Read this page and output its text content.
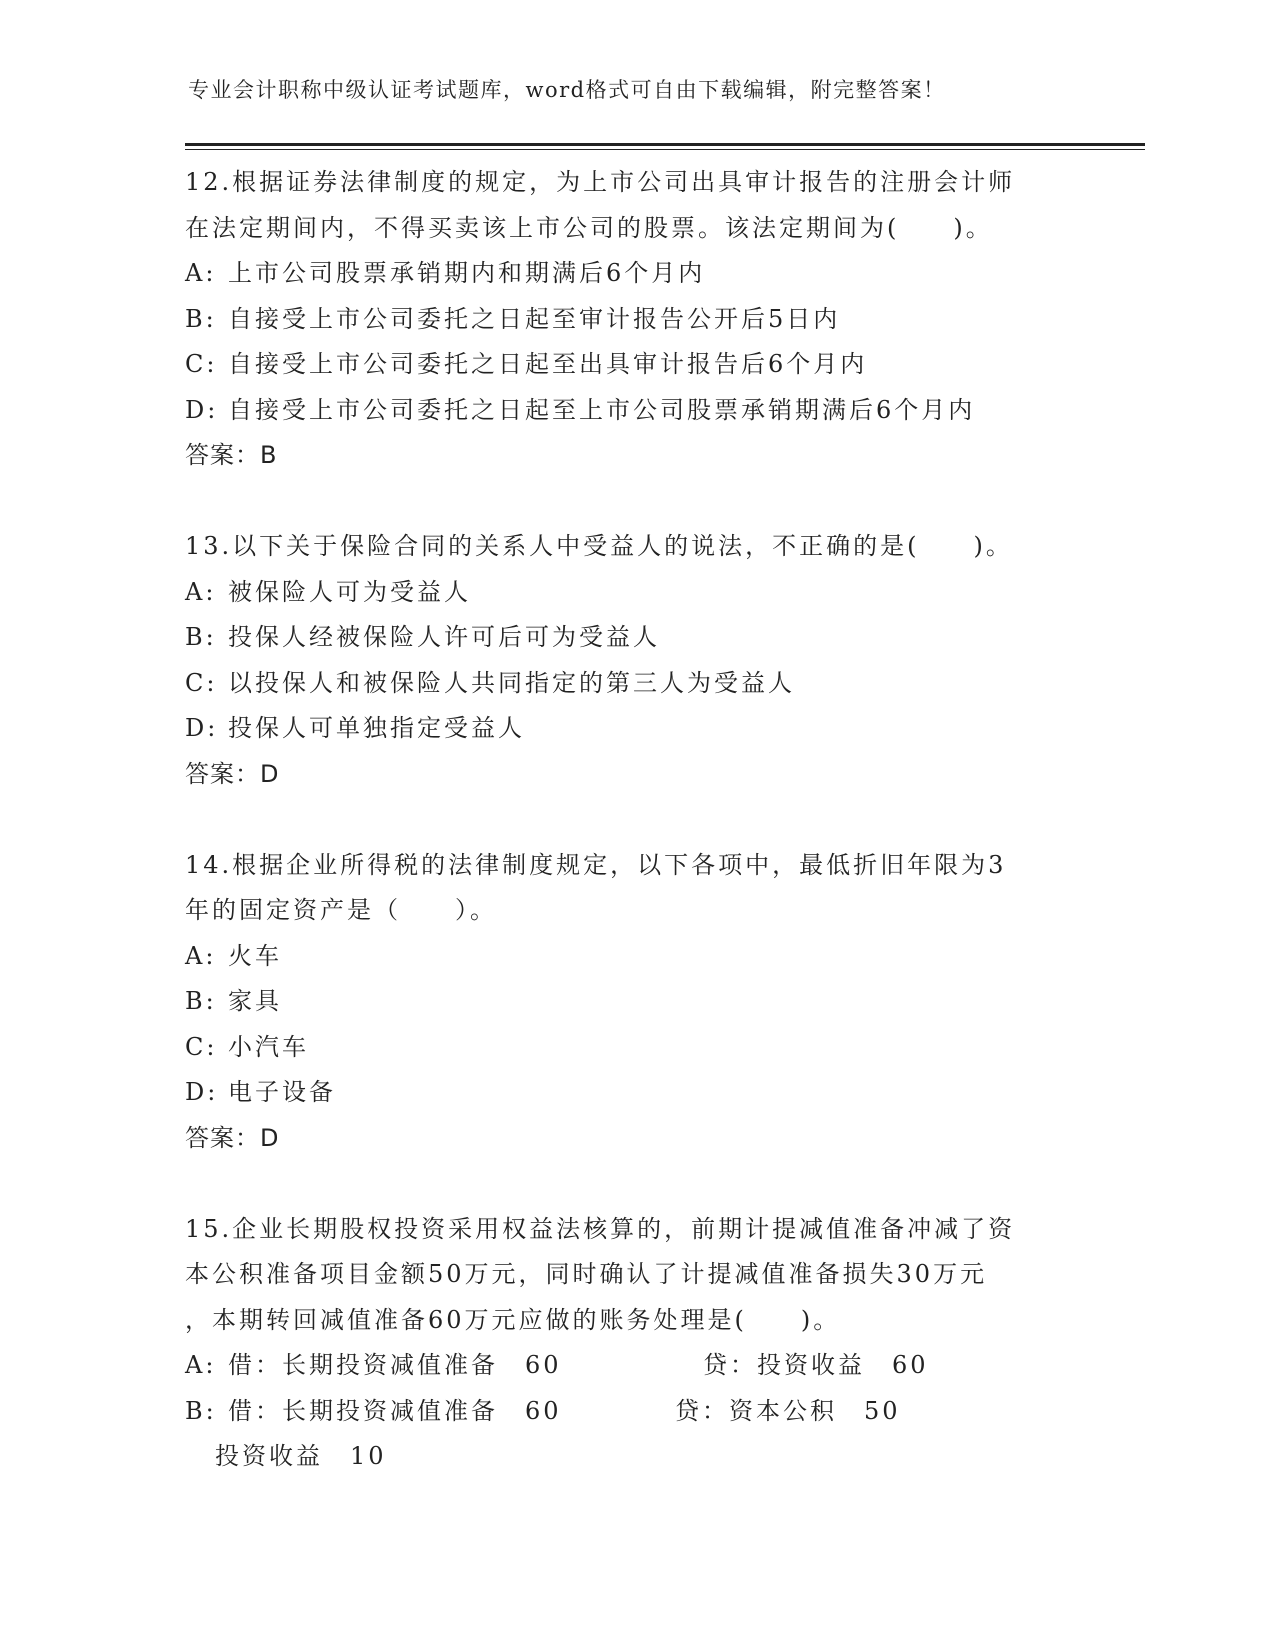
专业会计职称中级认证考试题库，word格式可自由下载编辑，附完整答案！
12.根据证券法律制度的规定，为上市公司出具审计报告的注册会计师
在法定期间内，不得买卖该上市公司的股票。该法定期间为(　　)。
A: 上市公司股票承销期内和期满后6个月内
B: 自接受上市公司委托之日起至审计报告公开后5日内
C: 自接受上市公司委托之日起至出具审计报告后6个月内
D: 自接受上市公司委托之日起至上市公司股票承销期满后6个月内
答案：B
13.以下关于保险合同的关系人中受益人的说法，不正确的是(　　)。
A: 被保险人可为受益人
B: 投保人经被保险人许可后可为受益人
C: 以投保人和被保险人共同指定的第三人为受益人
D: 投保人可单独指定受益人
答案：D
14.根据企业所得税的法律制度规定，以下各项中，最低折旧年限为3
年的固定资产是（　　）。
A: 火车
B: 家具
C: 小汽车
D: 电子设备
答案：D
15.企业长期股权投资采用权益法核算的，前期计提减值准备冲减了资
本公积准备项目金额50万元，同时确认了计提减值准备损失30万元
，本期转回减值准备60万元应做的账务处理是(　　)。
A: 借：长期投资减值准备　60	贷：投资收益　60
B: 借：长期投资减值准备　60	贷：资本公积　50
投资收益　10
